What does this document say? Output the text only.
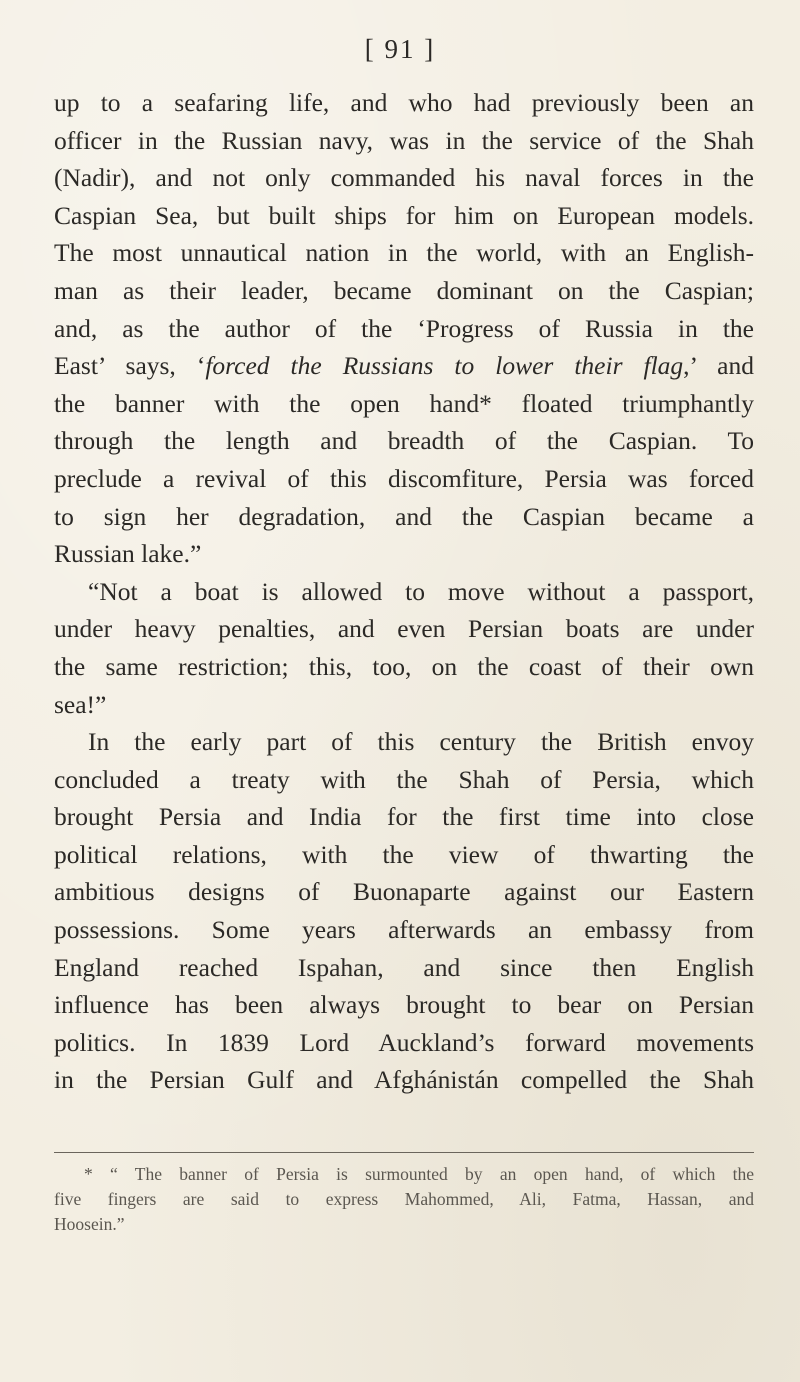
[ 91 ]
up to a seafaring life, and who had previously been an
officer in the Russian navy, was in the service of the Shah
(Nadir), and not only commanded his naval forces in the
Caspian Sea, but built ships for him on European models.
The most unnautical nation in the world, with an English-
man as their leader, became dominant on the Caspian;
and, as the author of the ‘Progress of Russia in the
East’ says, ‘forced the Russians to lower their flag,’ and
the banner with the open hand* floated triumphantly
through the length and breadth of the Caspian. To
preclude a revival of this discomfiture, Persia was forced
to sign her degradation, and the Caspian became a
Russian lake.”
“Not a boat is allowed to move without a passport,
under heavy penalties, and even Persian boats are under
the same restriction; this, too, on the coast of their own
sea!”
In the early part of this century the British envoy
concluded a treaty with the Shah of Persia, which
brought Persia and India for the first time into close
political relations, with the view of thwarting the
ambitious designs of Buonaparte against our Eastern
possessions. Some years afterwards an embassy from
England reached Ispahan, and since then English
influence has been always brought to bear on Persian
politics. In 1839 Lord Auckland’s forward movements
in the Persian Gulf and Afghánistán compelled the Shah
* “ The banner of Persia is surmounted by an open hand, of which the
five fingers are said to express Mahommed, Ali, Fatma, Hassan, and
Hoosein.”
